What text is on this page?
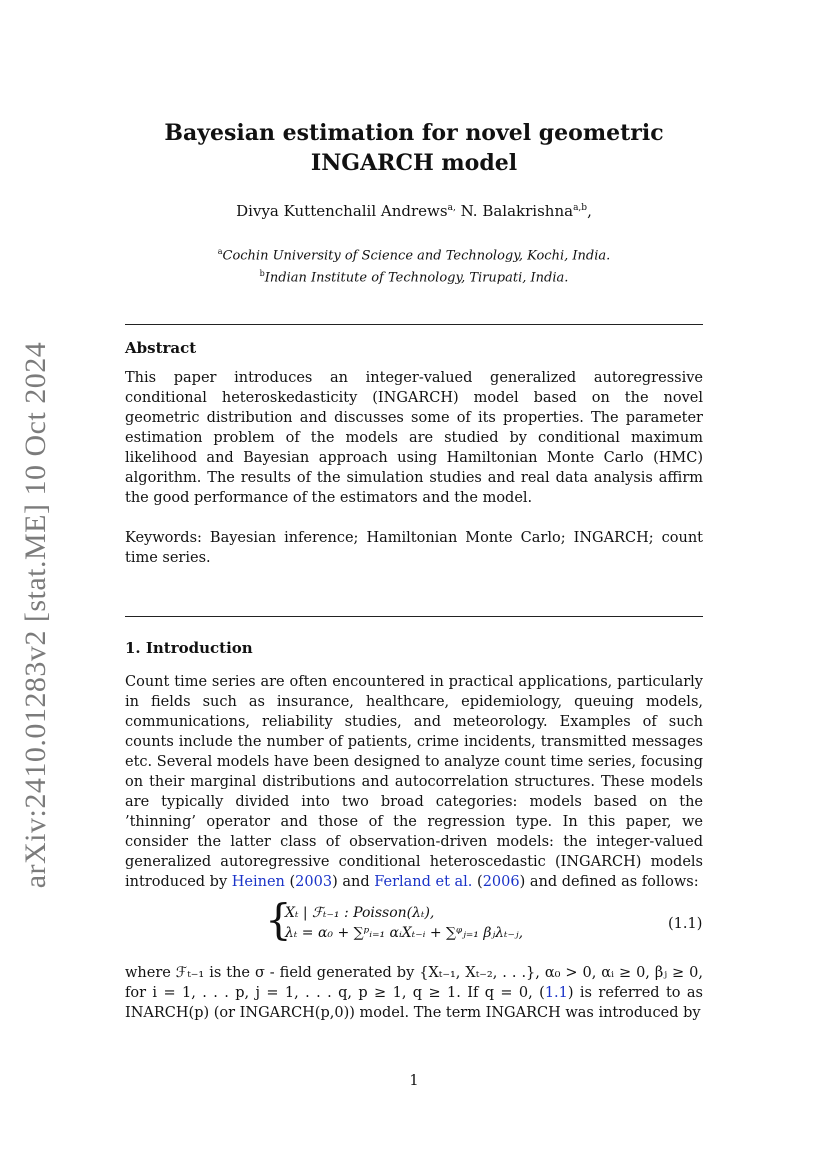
arXiv:2410.01283v2 [stat.ME] 10 Oct 2024
Bayesian estimation for novel geometric
INGARCH model
Divya Kuttenchalil Andrews$^{a,}$ N. Balakrishna$^{a,b}$,
$^a$Cochin University of Science and Technology, Kochi, India.
$^b$Indian Institute of Technology, Tirupati, India.
Abstract
This paper introduces an integer-valued generalized autoregressive conditional heteroskedasticity (INGARCH) model based on the novel geometric distribution and discusses some of its properties. The parameter estimation problem of the models are studied by conditional maximum likelihood and Bayesian approach using Hamiltonian Monte Carlo (HMC) algorithm. The results of the simulation studies and real data analysis affirm the good performance of the estimators and the model.
Keywords: Bayesian inference; Hamiltonian Monte Carlo; INGARCH; count time series.
1. Introduction
Count time series are often encountered in practical applications, particularly in fields such as insurance, healthcare, epidemiology, queuing models, communications, reliability studies, and meteorology. Examples of such counts include the number of patients, crime incidents, transmitted messages etc. Several models have been designed to analyze count time series, focusing on their marginal distributions and autocorrelation structures. These models are typically divided into two broad categories: models based on the ’thinning’ operator and those of the regression type. In this paper, we consider the latter class of observation-driven models: the integer-valued generalized autoregressive conditional heteroscedastic (INGARCH) models introduced by Heinen (2003) and Ferland et al. (2006) and defined as follows:
{
Xₜ | ℱₜ₋₁ : Poisson(λₜ),
λₜ = α₀ + ∑ᵖᵢ₌₁ αᵢXₜ₋ᵢ + ∑ᵠⱼ₌₁ βⱼλₜ₋ⱼ,
(1.1)
where ℱₜ₋₁ is the σ - field generated by {Xₜ₋₁, Xₜ₋₂, . . .}, α₀ > 0, αᵢ ≥ 0, βⱼ ≥ 0, for i = 1, . . . p, j = 1, . . . q, p ≥ 1, q ≥ 1. If q = 0, (1.1) is referred to as INARCH(p) (or INGARCH(p,0)) model. The term INGARCH was introduced by
1
